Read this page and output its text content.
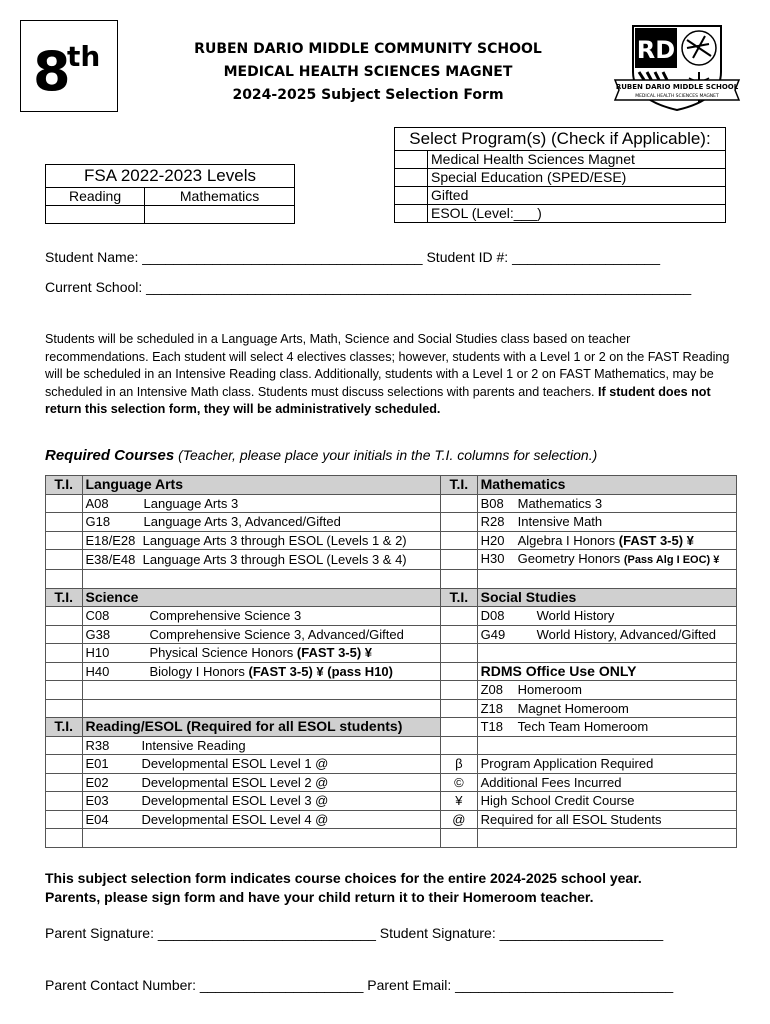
8
th	RUBEN DARIO MIDDLE COMMUNITY SCHOOL
MEDICAL HEALTH SCIENCES MAGNET
2024-2025 Subject Selection Form
RD
RUBEN DARIO MIDDLE SCHOOL
MEDICAL HEALTH SCIENCES MAGNET
Select Program(s) (Check if Applicable):	
	Medical Health Sciences Magnet
	Special Education (SPED/ESE)
	Gifted
	ESOL (Level:___)
FSA 2022-2023 Levels	
Reading	Mathematics

Student Name: ____________________________________ Student ID #: ___________________
Current School: ______________________________________________________________________
Students will be scheduled in a Language Arts, Math, Science and Social Studies class based on teacher recommendations. Each student will select 4 electives classes; however, students with a Level 1 or 2 on the FAST Reading will be scheduled in an Intensive Reading class. Additionally, students with a Level 1 or 2 on FAST Mathematics, may be scheduled in an Intensive Math class. Students must discuss selections with parents and teachers. If student does not return this selection form, they will be administratively scheduled.
Required Courses (Teacher, please place your initials in the T.I. columns for selection.)
T.I.	Language Arts	T.I.	Mathematics
	A08 Language Arts 3		B08 Mathematics 3
	G18 Language Arts 3, Advanced/Gifted		R28 Intensive Math
	E18/E28 Language Arts 3 through ESOL (Levels 1 & 2)		H20 Algebra I Honors (FAST 3-5) ¥
	E38/E48 Language Arts 3 through ESOL (Levels 3 & 4)		H30 Geometry Honors (Pass Alg I EOC) ¥

T.I.	Science	T.I.	Social Studies
	C08 Comprehensive Science 3		D08 World History
	G38 Comprehensive Science 3, Advanced/Gifted		G49 World History, Advanced/Gifted
	H10 Physical Science Honors (FAST 3-5) ¥		
	H40 Biology I Honors (FAST 3-5) ¥ (pass H10)		RDMS Office Use ONLY
			Z08 Homeroom
			Z18 Magnet Homeroom
T.I.	Reading/ESOL (Required for all ESOL students)		T18 Tech Team Homeroom
	R38 Intensive Reading		
	E01 Developmental ESOL Level 1 @	β	Program Application Required
	E02 Developmental ESOL Level 2 @	©	Additional Fees Incurred
	E03 Developmental ESOL Level 3 @	¥	High School Credit Course
	E04 Developmental ESOL Level 4 @	@	Required for all ESOL Students

This subject selection form indicates course choices for the entire 2024-2025 school year.
Parents, please sign form and have your child return it to their Homeroom teacher.
Parent Signature: ____________________________ Student Signature: _____________________
Parent Contact Number: _____________________ Parent Email: ____________________________
